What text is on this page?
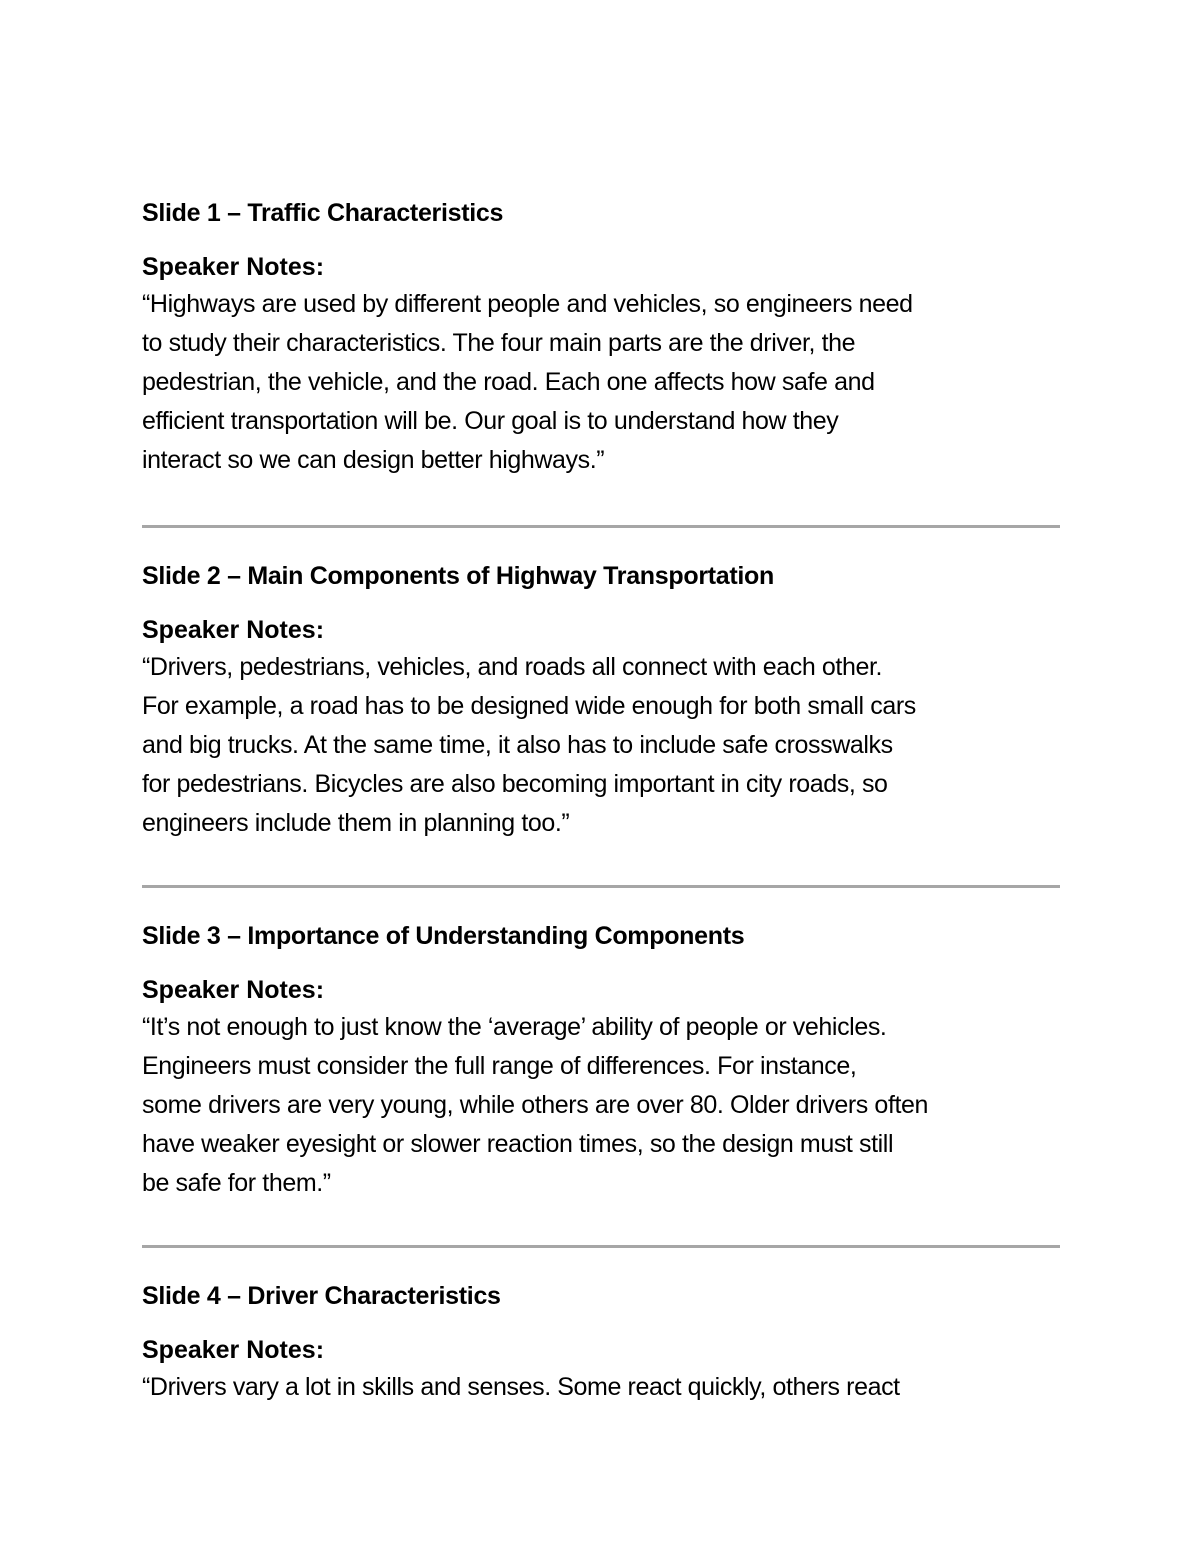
Slide 1 – Traffic Characteristics
Speaker Notes:

“Highways are used by different people and vehicles, so engineers need
to study their characteristics. The four main parts are the driver, the
pedestrian, the vehicle, and the road. Each one affects how safe and
efficient transportation will be. Our goal is to understand how they
interact so we can design better highways.”

Slide 2 – Main Components of Highway Transportation
Speaker Notes:

“Drivers, pedestrians, vehicles, and roads all connect with each other.
For example, a road has to be designed wide enough for both small cars
and big trucks. At the same time, it also has to include safe crosswalks
for pedestrians. Bicycles are also becoming important in city roads, so
engineers include them in planning too.”

Slide 3 – Importance of Understanding Components
Speaker Notes:

“It’s not enough to just know the ‘average’ ability of people or vehicles.
Engineers must consider the full range of differences. For instance,
some drivers are very young, while others are over 80. Older drivers often
have weaker eyesight or slower reaction times, so the design must still
be safe for them.”

Slide 4 – Driver Characteristics
Speaker Notes:

“Drivers vary a lot in skills and senses. Some react quickly, others react
